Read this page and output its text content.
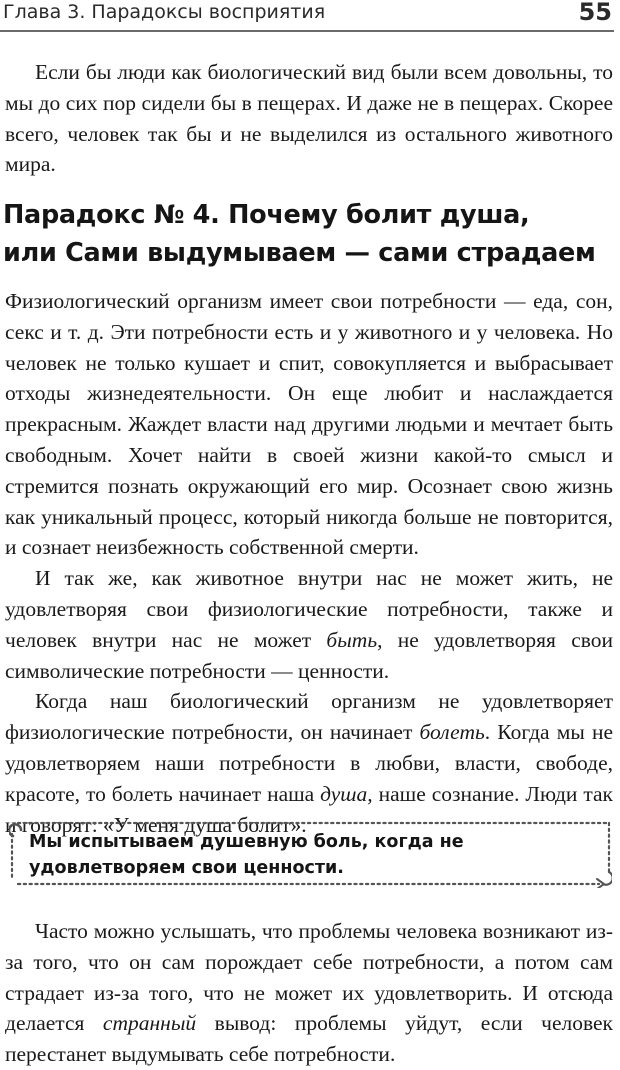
Глава 3. Парадоксы восприятия	55

Если бы люди как биологический вид были всем довольны, то мы до сих пор сидели бы в пещерах. И даже не в пещерах. Скорее всего, человек так бы и не выделился из остального животного мира.

Парадокс № 4. Почему болит душа,
или Сами выдумываем — сами страдаем

Физиологический организм имеет свои потребности — еда, сон, секс и т. д. Эти потребности есть и у животного и у человека. Но человек не только кушает и спит, совокупляется и выбрасывает отходы жизнедеятельности. Он еще любит и наслаждается прекрасным. Жаждет власти над другими людьми и мечтает быть свободным. Хочет найти в своей жизни какой-то смысл и стремится познать окружающий его мир. Осознает свою жизнь как уникальный процесс, который никогда больше не повторится, и сознает неизбежность собственной смерти.

И так же, как животное внутри нас не может жить, не удовлетворяя свои физиологические потребности, также и человек внутри нас не может быть, не удовлетворяя свои символические потребности — ценности.

Когда наш биологический организм не удовлетворяет физиологические потребности, он начинает болеть. Когда мы не удовлетворяем наши потребности в любви, власти, свободе, красоте, то болеть начинает наша душа, наше сознание. Люди так и говорят: «У меня душа болит».

Мы испытываем душевную боль, когда не удовлетворяем свои ценности.

Часто можно услышать, что проблемы человека возникают из-за того, что он сам порождает себе потребности, а потом сам страдает из-за того, что не может их удовлетворить. И отсюда делается странный вывод: проблемы уйдут, если человек перестанет выдумывать себе потребности.
